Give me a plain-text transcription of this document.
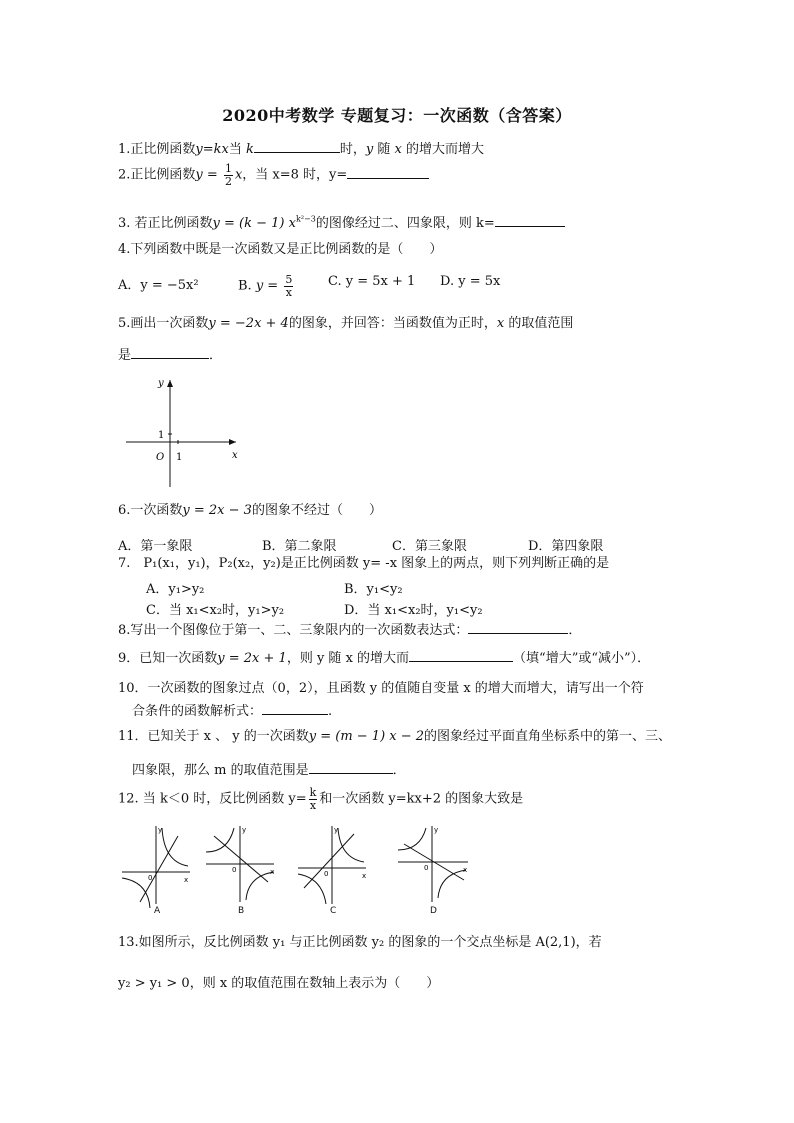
2020中考数学 专题复习：一次函数（含答案）
1.正比例函数y=kx当 k	时，y 随 x 的增大而增大
2.正比例函数$y = \frac{1}{2}$ x，当 x=8 时，y=
3. 若正比例函数y = (k − 1) $x^{k^2-3}$的图像经过二、四象限，则 k=
4.下列函数中既是一次函数又是正比例函数的是（　　）
A．y = −5x²	B. $y = \frac{5}{x}$	C. y = 5x + 1 D. y = 5x
5.画出一次函数y = −2x + 4的图象，并回答：当函数值为正时，x 的取值范围
是	．
y
x
O 1
1
6.一次函数y = 2x − 3的图象不经过（　　）
A．第一象限	B．第二象限	C．第三象限	D．第四象限
7.　P₁(x₁，y₁)，P₂(x₂，y₂)是正比例函数 y= -x 图象上的两点，则下列判断正确的是
A．y₁>y₂	B．y₁<y₂
C．当 x₁<x₂时，y₁>y₂	D．当 x₁<x₂时，y₁<y₂
8.写出一个图像位于第一、二、三象限内的一次函数表达式：	．
9．已知一次函数y = 2x + 1，则 y 随 x 的增大而	（填“增大”或“减小”）．
10．一次函数的图象过点（0，2），且函数 y 的值随自变量 x 的增大而增大，请写出一个符
合条件的函数解析式：	.
11．已知关于 x 、 y 的一次函数y = (m − 1) x − 2的图象经过平面直角坐标系中的第一、三、
四象限，那么 m 的取值范围是	．
12. 当 k＜0 时，反比例函数 $y= \frac{k}{x}$ 和一次函数 y=kx+2 的图象大致是
y
x
0
y
x
0
y
x
0
y
x
0
A	B	C	D
13.如图所示，反比例函数 y₁ 与正比例函数 y₂ 的图象的一个交点坐标是 A(2,1)，若
y₂ > y₁ > 0，则 x 的取值范围在数轴上表示为（　　）
